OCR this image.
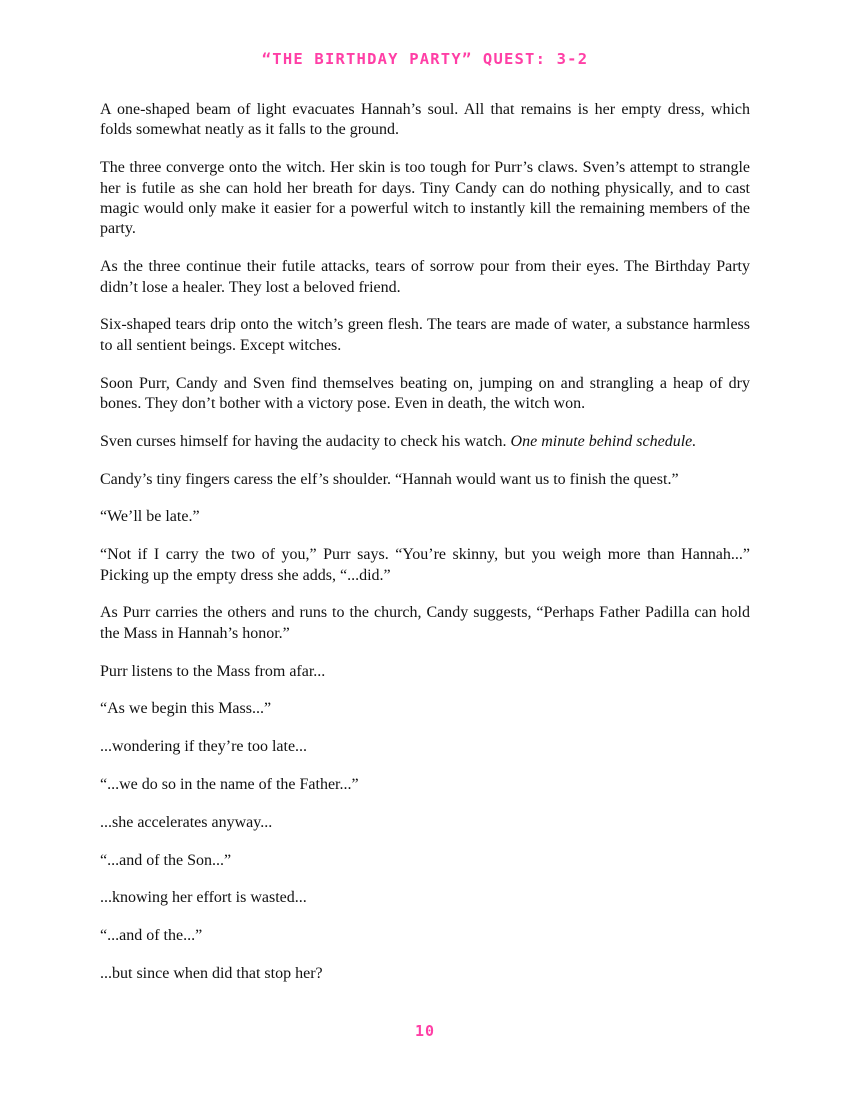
“THE BIRTHDAY PARTY” QUEST: 3-2

A one-shaped beam of light evacuates Hannah’s soul. All that remains is her empty dress, which folds somewhat neatly as it falls to the ground.

The three converge onto the witch. Her skin is too tough for Purr’s claws. Sven’s attempt to strangle her is futile as she can hold her breath for days. Tiny Candy can do nothing physically, and to cast magic would only make it easier for a powerful witch to instantly kill the remaining members of the party.

As the three continue their futile attacks, tears of sorrow pour from their eyes. The Birthday Party didn’t lose a healer. They lost a beloved friend.

Six-shaped tears drip onto the witch’s green flesh. The tears are made of water, a substance harmless to all sentient beings. Except witches.

Soon Purr, Candy and Sven find themselves beating on, jumping on and strangling a heap of dry bones. They don’t bother with a victory pose. Even in death, the witch won.

Sven curses himself for having the audacity to check his watch. One minute behind schedule.

Candy’s tiny fingers caress the elf’s shoulder. “Hannah would want us to finish the quest.”

“We’ll be late.”

“Not if I carry the two of you,” Purr says. “You’re skinny, but you weigh more than Hannah...” Picking up the empty dress she adds, “...did.”

As Purr carries the others and runs to the church, Candy suggests, “Perhaps Father Padilla can hold the Mass in Hannah’s honor.”

Purr listens to the Mass from afar...

“As we begin this Mass...”

...wondering if they’re too late...

“...we do so in the name of the Father...”

...she accelerates anyway...

“...and of the Son...”

...knowing her effort is wasted...

“...and of the...”

...but since when did that stop her?

10
